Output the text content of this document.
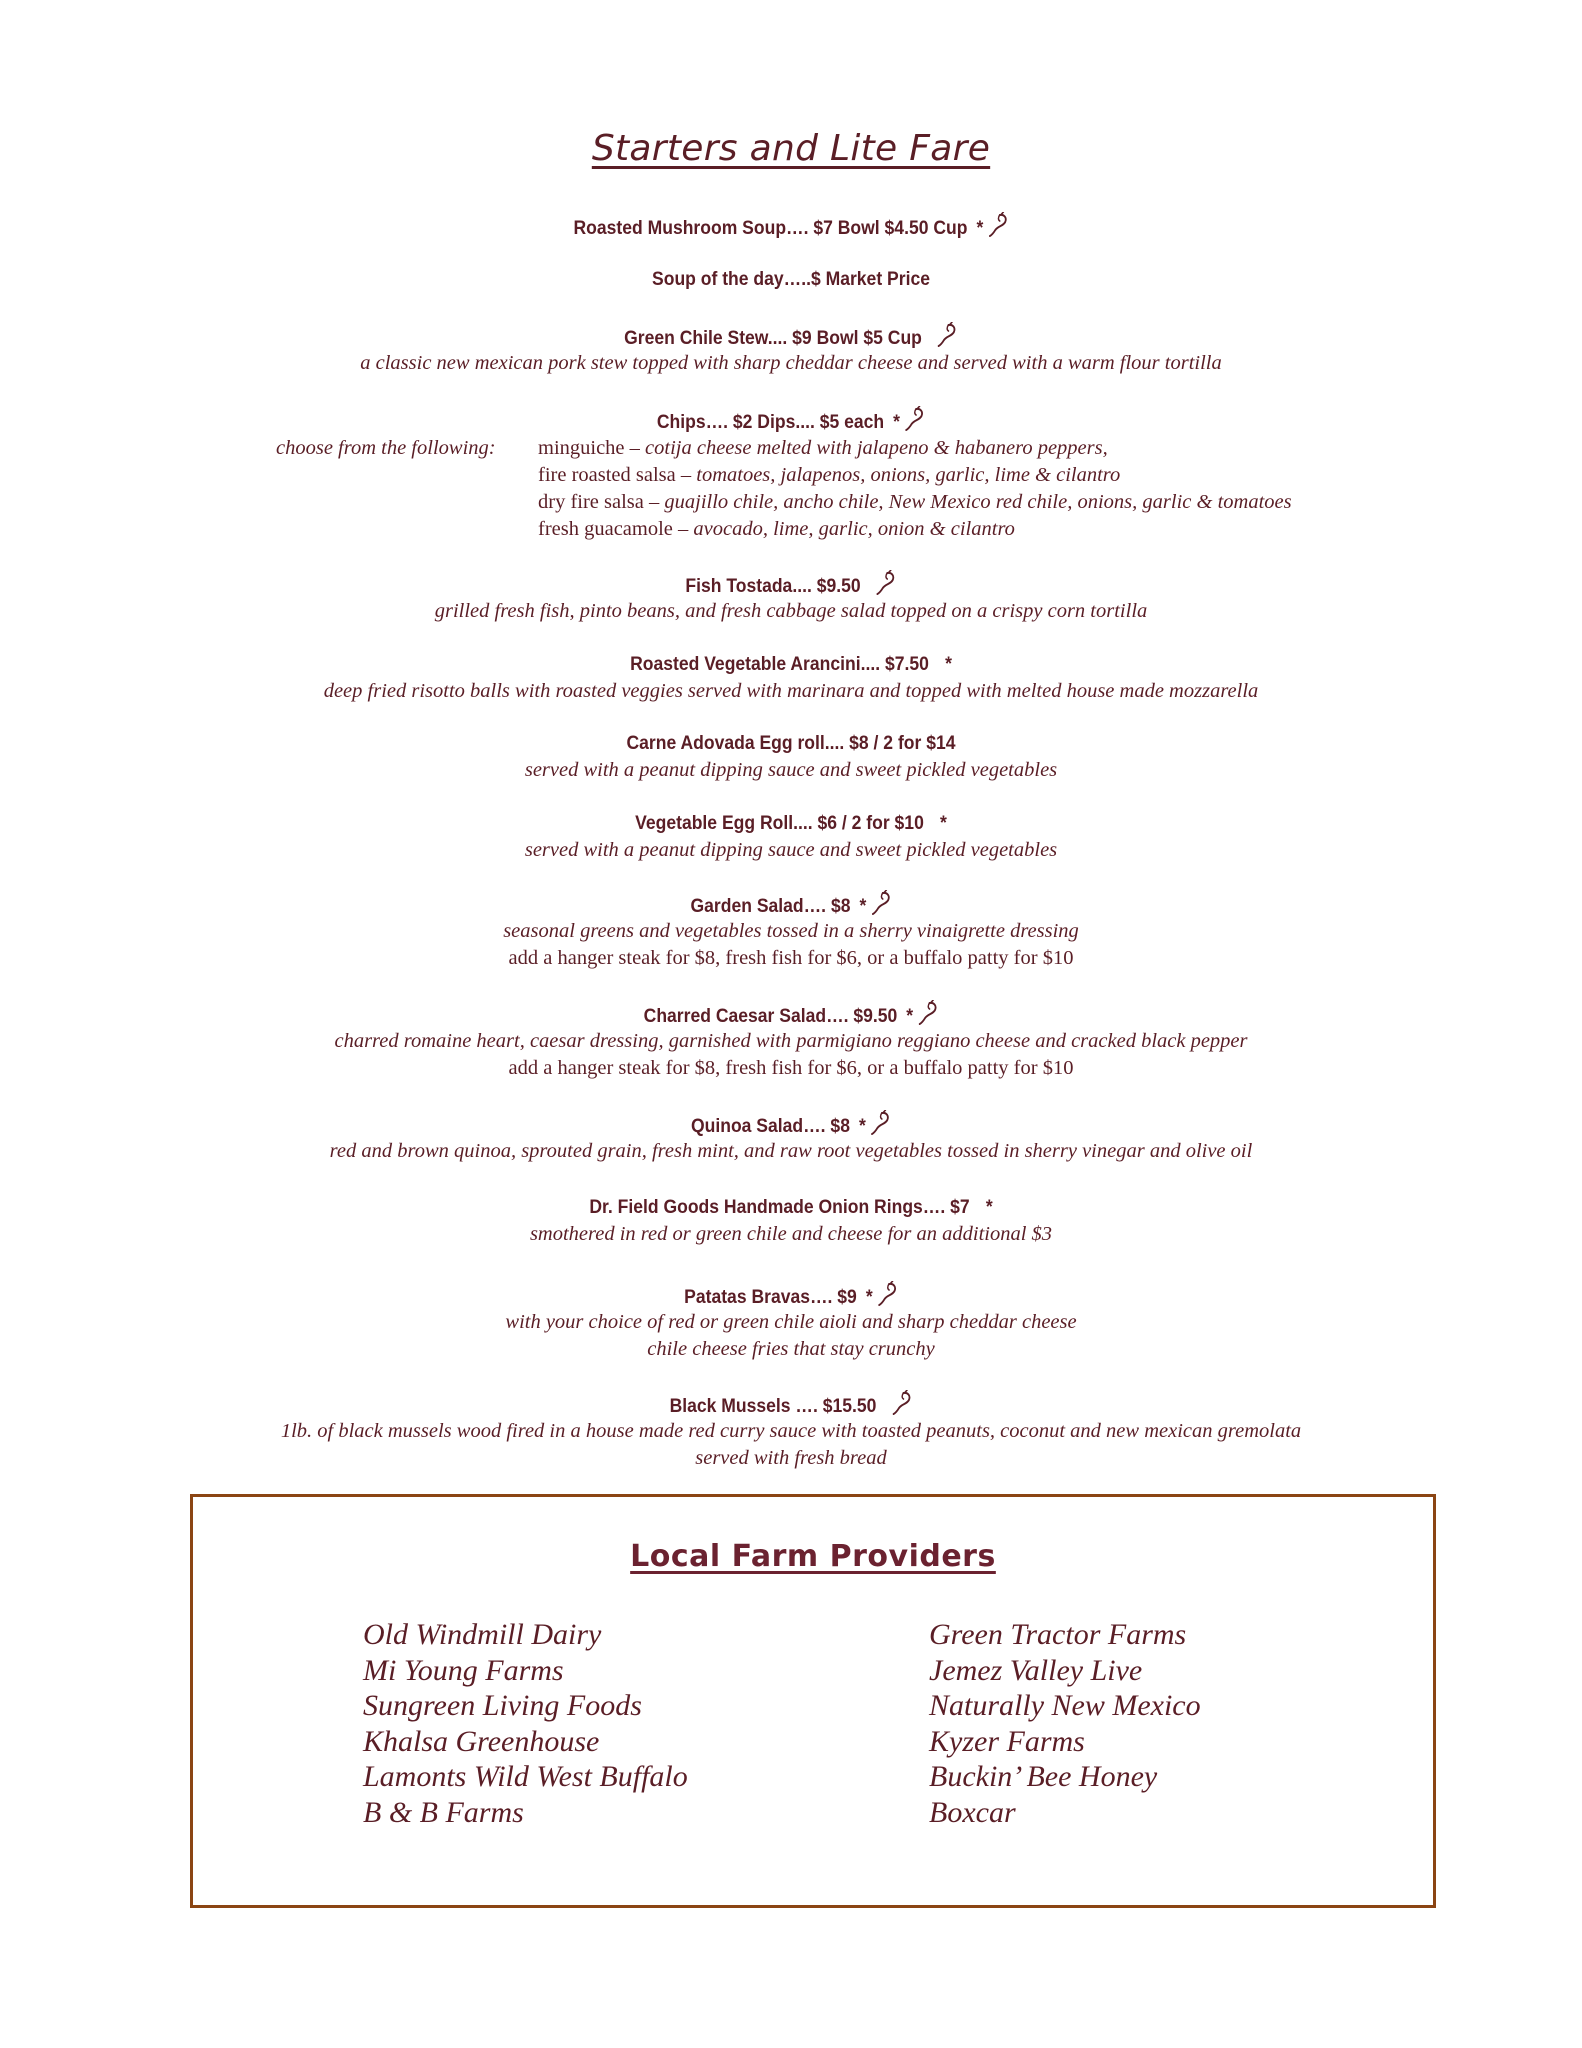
Starters and Lite Fare
Roasted Mushroom Soup…. $7 Bowl $4.50 Cup *
Soup of the day…..$ Market Price
Green Chile Stew.... $9 Bowl $5 Cup
a classic new mexican pork stew topped with sharp cheddar cheese and served with a warm flour tortilla
Chips…. $2 Dips.... $5 each *
choose from the following:	minguiche – cotija cheese melted with jalapeno & habanero peppers,
fire roasted salsa – tomatoes, jalapenos, onions, garlic, lime & cilantro
dry fire salsa – guajillo chile, ancho chile, New Mexico red chile, onions, garlic & tomatoes
fresh guacamole – avocado, lime, garlic, onion & cilantro
Fish Tostada.... $9.50
grilled fresh fish, pinto beans, and fresh cabbage salad topped on a crispy corn tortilla
Roasted Vegetable Arancini.... $7.50 *
deep fried risotto balls with roasted veggies served with marinara and topped with melted house made mozzarella
Carne Adovada Egg roll.... $8 / 2 for $14
served with a peanut dipping sauce and sweet pickled vegetables
Vegetable Egg Roll.... $6 / 2 for $10 *
served with a peanut dipping sauce and sweet pickled vegetables
Garden Salad…. $8 *
seasonal greens and vegetables tossed in a sherry vinaigrette dressing
add a hanger steak for $8, fresh fish for $6, or a buffalo patty for $10
Charred Caesar Salad…. $9.50 *
charred romaine heart, caesar dressing, garnished with parmigiano reggiano cheese and cracked black pepper
add a hanger steak for $8, fresh fish for $6, or a buffalo patty for $10
Quinoa Salad…. $8 *
red and brown quinoa, sprouted grain, fresh mint, and raw root vegetables tossed in sherry vinegar and olive oil
Dr. Field Goods Handmade Onion Rings…. $7 *
smothered in red or green chile and cheese for an additional $3
Patatas Bravas…. $9 *
with your choice of red or green chile aioli and sharp cheddar cheese
chile cheese fries that stay crunchy
Black Mussels …. $15.50
1lb. of black mussels wood fired in a house made red curry sauce with toasted peanuts, coconut and new mexican gremolata
served with fresh bread
Local Farm Providers
Old Windmill Dairy
Mi Young Farms
Sungreen Living Foods
Khalsa Greenhouse
Lamonts Wild West Buffalo
B & B Farms
Green Tractor Farms
Jemez Valley Live
Naturally New Mexico
Kyzer Farms
Buckin’ Bee Honey
Boxcar
